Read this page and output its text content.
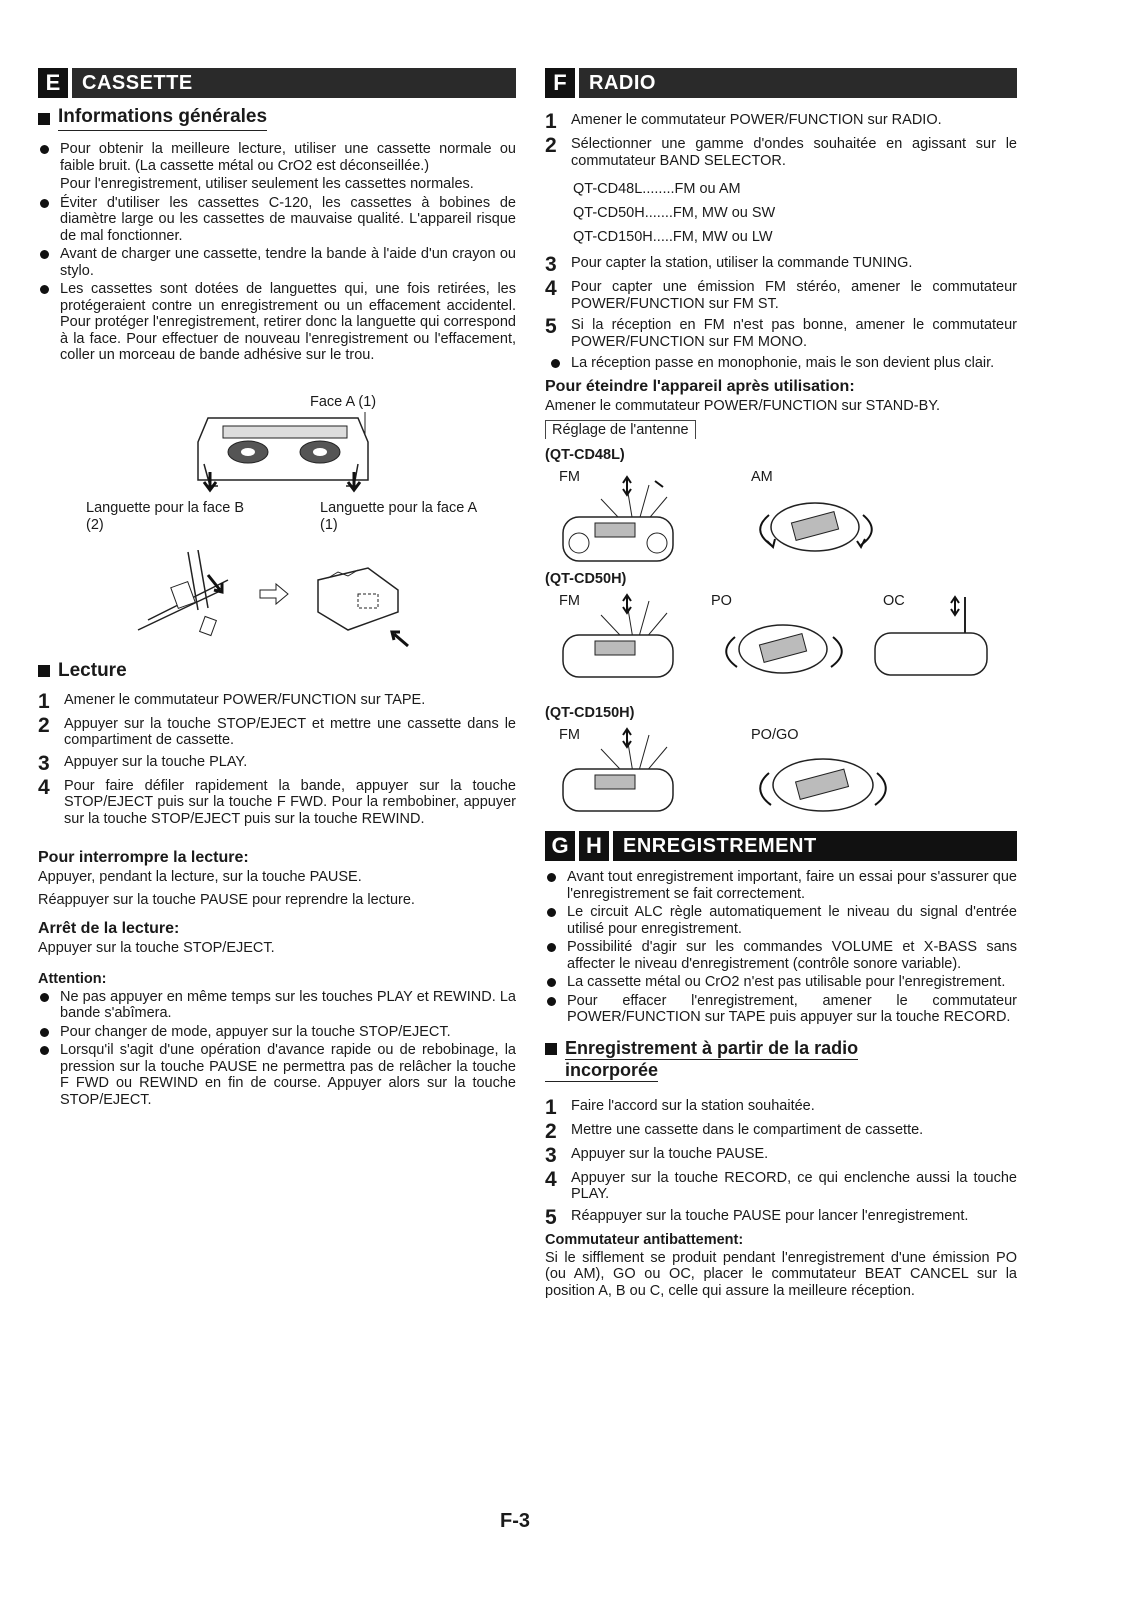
E	CASSETTE
Informations générales
Pour obtenir la meilleure lecture, utiliser une cassette normale ou faible bruit. (La cassette métal ou CrO2 est déconseillée.)

Pour l'enregistrement, utiliser seulement les cassettes normales.

Éviter d'utiliser les cassettes C-120, les cassettes à bobines de diamètre large ou les cassettes de mauvaise qualité. L'appareil risque de mal fonctionner.
Avant de charger une cassette, tendre la bande à l'aide d'un crayon ou stylo.
Les cassettes sont dotées de languettes qui, une fois retirées, les protégeraient contre un enregistrement ou un effacement accidentel. Pour protéger l'enregistrement, retirer donc la languette qui correspond à la face. Pour effectuer de nouveau l'enregistrement ou l'effacement, coller un morceau de bande adhésive sur le trou.
Face A (1)
Languette pour la face B (2)
Languette pour la face A (1)
Lecture
1 Amener le commutateur POWER/FUNCTION sur TAPE.
2 Appuyer sur la touche STOP/EJECT et mettre une cassette dans le compartiment de cassette.
3 Appuyer sur la touche PLAY.
4 Pour faire défiler rapidement la bande, appuyer sur la touche STOP/EJECT puis sur la touche F FWD. Pour la rembobiner, appuyer sur la touche STOP/EJECT puis sur la touche REWIND.
Pour interrompre la lecture:

Appuyer, pendant la lecture, sur la touche PAUSE.

Réappuyer sur la touche PAUSE pour reprendre la lecture.

Arrêt de la lecture:

Appuyer sur la touche STOP/EJECT.

Attention:
Ne pas appuyer en même temps sur les touches PLAY et REWIND. La bande s'abîmera.
Pour changer de mode, appuyer sur la touche STOP/EJECT.
Lorsqu'il s'agit d'une opération d'avance rapide ou de rebobinage, la pression sur la touche PAUSE ne permettra pas de relâcher la touche F FWD ou REWIND en fin de course. Appuyer alors sur la touche STOP/EJECT.
F	RADIO
1 Amener le commutateur POWER/FUNCTION sur RADIO.
2 Sélectionner une gamme d'ondes souhaitée en agissant sur le commutateur BAND SELECTOR.
QT-CD48L........FM ou AM
QT-CD50H.......FM, MW ou SW
QT-CD150H.....FM, MW ou LW
3 Pour capter la station, utiliser la commande TUNING.
4 Pour capter une émission FM stéréo, amener le commutateur POWER/FUNCTION sur FM ST.
5 Si la réception en FM n'est pas bonne, amener le commutateur POWER/FUNCTION sur FM MONO.
La réception passe en monophonie, mais le son devient plus clair.
Pour éteindre l'appareil après utilisation:

Amener le commutateur POWER/FUNCTION sur STAND-BY.

Réglage de l'antenne
(QT-CD48L)
FM	AM
(QT-CD50H)
FM	PO	OC
(QT-CD150H)
FM	PO/GO
G H	ENREGISTREMENT
Avant tout enregistrement important, faire un essai pour s'assurer que l'enregistrement se fait correctement.
Le circuit ALC règle automatiquement le niveau du signal d'entrée utilisé pour enregistrement.
Possibilité d'agir sur les commandes VOLUME et X-BASS sans affecter le niveau d'enregistrement (contrôle sonore variable).
La cassette métal ou CrO2 n'est pas utilisable pour l'enregistrement.
Pour effacer l'enregistrement, amener le commutateur POWER/FUNCTION sur TAPE puis appuyer sur la touche RECORD.
Enregistrement à partir de la radio
incorporée
1 Faire l'accord sur la station souhaitée.
2 Mettre une cassette dans le compartiment de cassette.
3 Appuyer sur la touche PAUSE.
4 Appuyer sur la touche RECORD, ce qui enclenche aussi la touche PLAY.
5 Réappuyer sur la touche PAUSE pour lancer l'enregistrement.
Commutateur antibattement:

Si le sifflement se produit pendant l'enregistrement d'une émission PO (ou AM), GO ou OC, placer le commutateur BEAT CANCEL sur la position A, B ou C, celle qui assure la meilleure réception.

F-3
